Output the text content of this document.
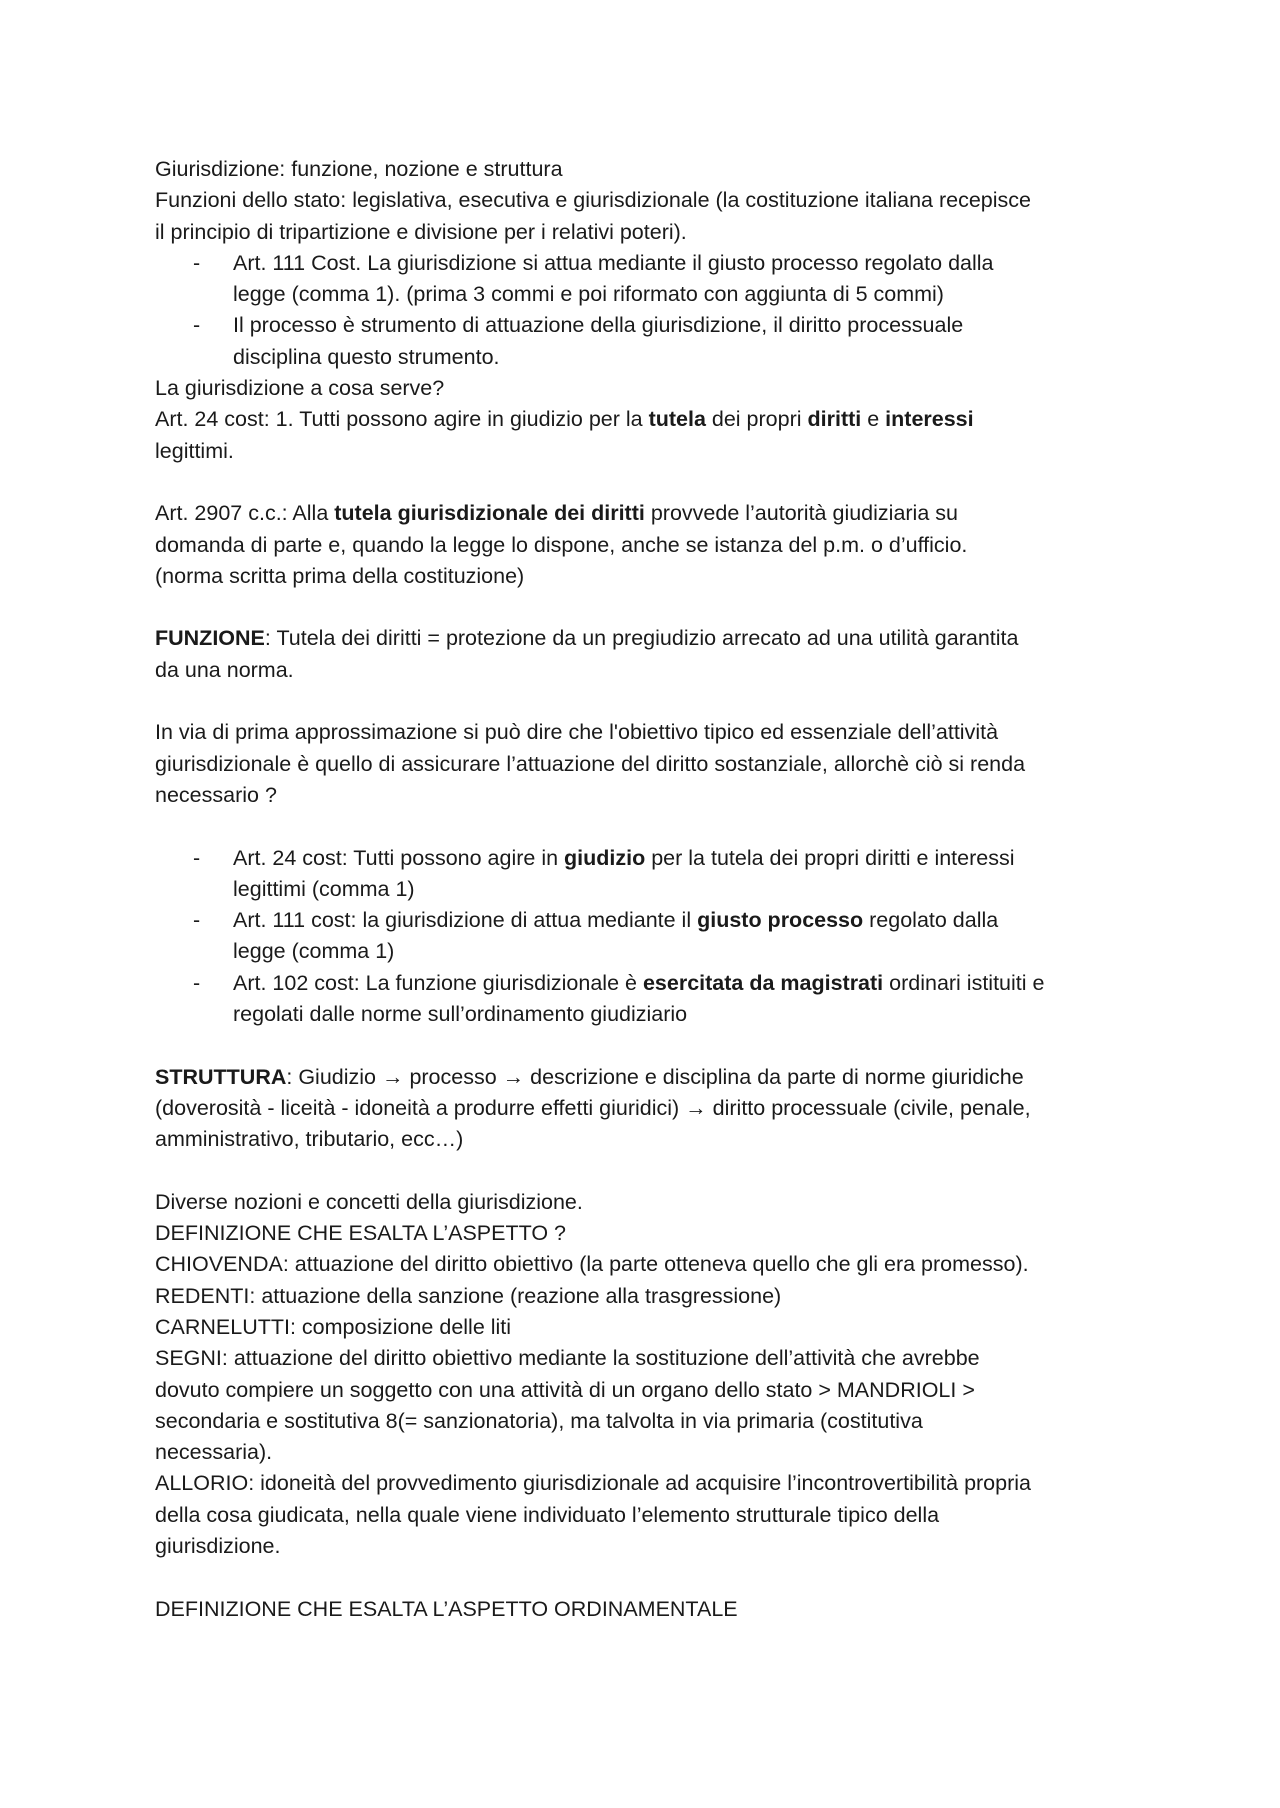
Giurisdizione: funzione, nozione e struttura

Funzioni dello stato: legislativa, esecutiva e giurisdizionale (la costituzione italiana recepisce

il principio di tripartizione e divisione per i relativi poteri).

- Art. 111 Cost. La giurisdizione si attua mediante il giusto processo regolato dalla

legge (comma 1). (prima 3 commi e poi riformato con aggiunta di 5 commi)

- Il processo è strumento di attuazione della giurisdizione, il diritto processuale

disciplina questo strumento.

La giurisdizione a cosa serve?

Art. 24 cost: 1. Tutti possono agire in giudizio per la tutela dei propri diritti e interessi

legittimi.

Art. 2907 c.c.: Alla tutela giurisdizionale dei diritti provvede l’autorità giudiziaria su

domanda di parte e, quando la legge lo dispone, anche se istanza del p.m. o d’ufficio.

(norma scritta prima della costituzione)

FUNZIONE: Tutela dei diritti = protezione da un pregiudizio arrecato ad una utilità garantita

da una norma.

In via di prima approssimazione si può dire che l'obiettivo tipico ed essenziale dell’attività

giurisdizionale è quello di assicurare l’attuazione del diritto sostanziale, allorchè ciò si renda

necessario ?

- Art. 24 cost: Tutti possono agire in giudizio per la tutela dei propri diritti e interessi

legittimi (comma 1)

- Art. 111 cost: la giurisdizione di attua mediante il giusto processo regolato dalla

legge (comma 1)

- Art. 102 cost: La funzione giurisdizionale è esercitata da magistrati ordinari istituiti e

regolati dalle norme sull’ordinamento giudiziario

STRUTTURA: Giudizio → processo → descrizione e disciplina da parte di norme giuridiche

(doverosità - liceità - idoneità a produrre effetti giuridici) → diritto processuale (civile, penale,

amministrativo, tributario, ecc…)

Diverse nozioni e concetti della giurisdizione.

DEFINIZIONE CHE ESALTA L’ASPETTO ?

CHIOVENDA: attuazione del diritto obiettivo (la parte otteneva quello che gli era promesso).

REDENTI: attuazione della sanzione (reazione alla trasgressione)

CARNELUTTI: composizione delle liti

SEGNI: attuazione del diritto obiettivo mediante la sostituzione dell’attività che avrebbe

dovuto compiere un soggetto con una attività di un organo dello stato > MANDRIOLI >

secondaria e sostitutiva 8(= sanzionatoria), ma talvolta in via primaria (costitutiva

necessaria).

ALLORIO: idoneità del provvedimento giurisdizionale ad acquisire l’incontrovertibilità propria

della cosa giudicata, nella quale viene individuato l’elemento strutturale tipico della

giurisdizione.

DEFINIZIONE CHE ESALTA L’ASPETTO ORDINAMENTALE
